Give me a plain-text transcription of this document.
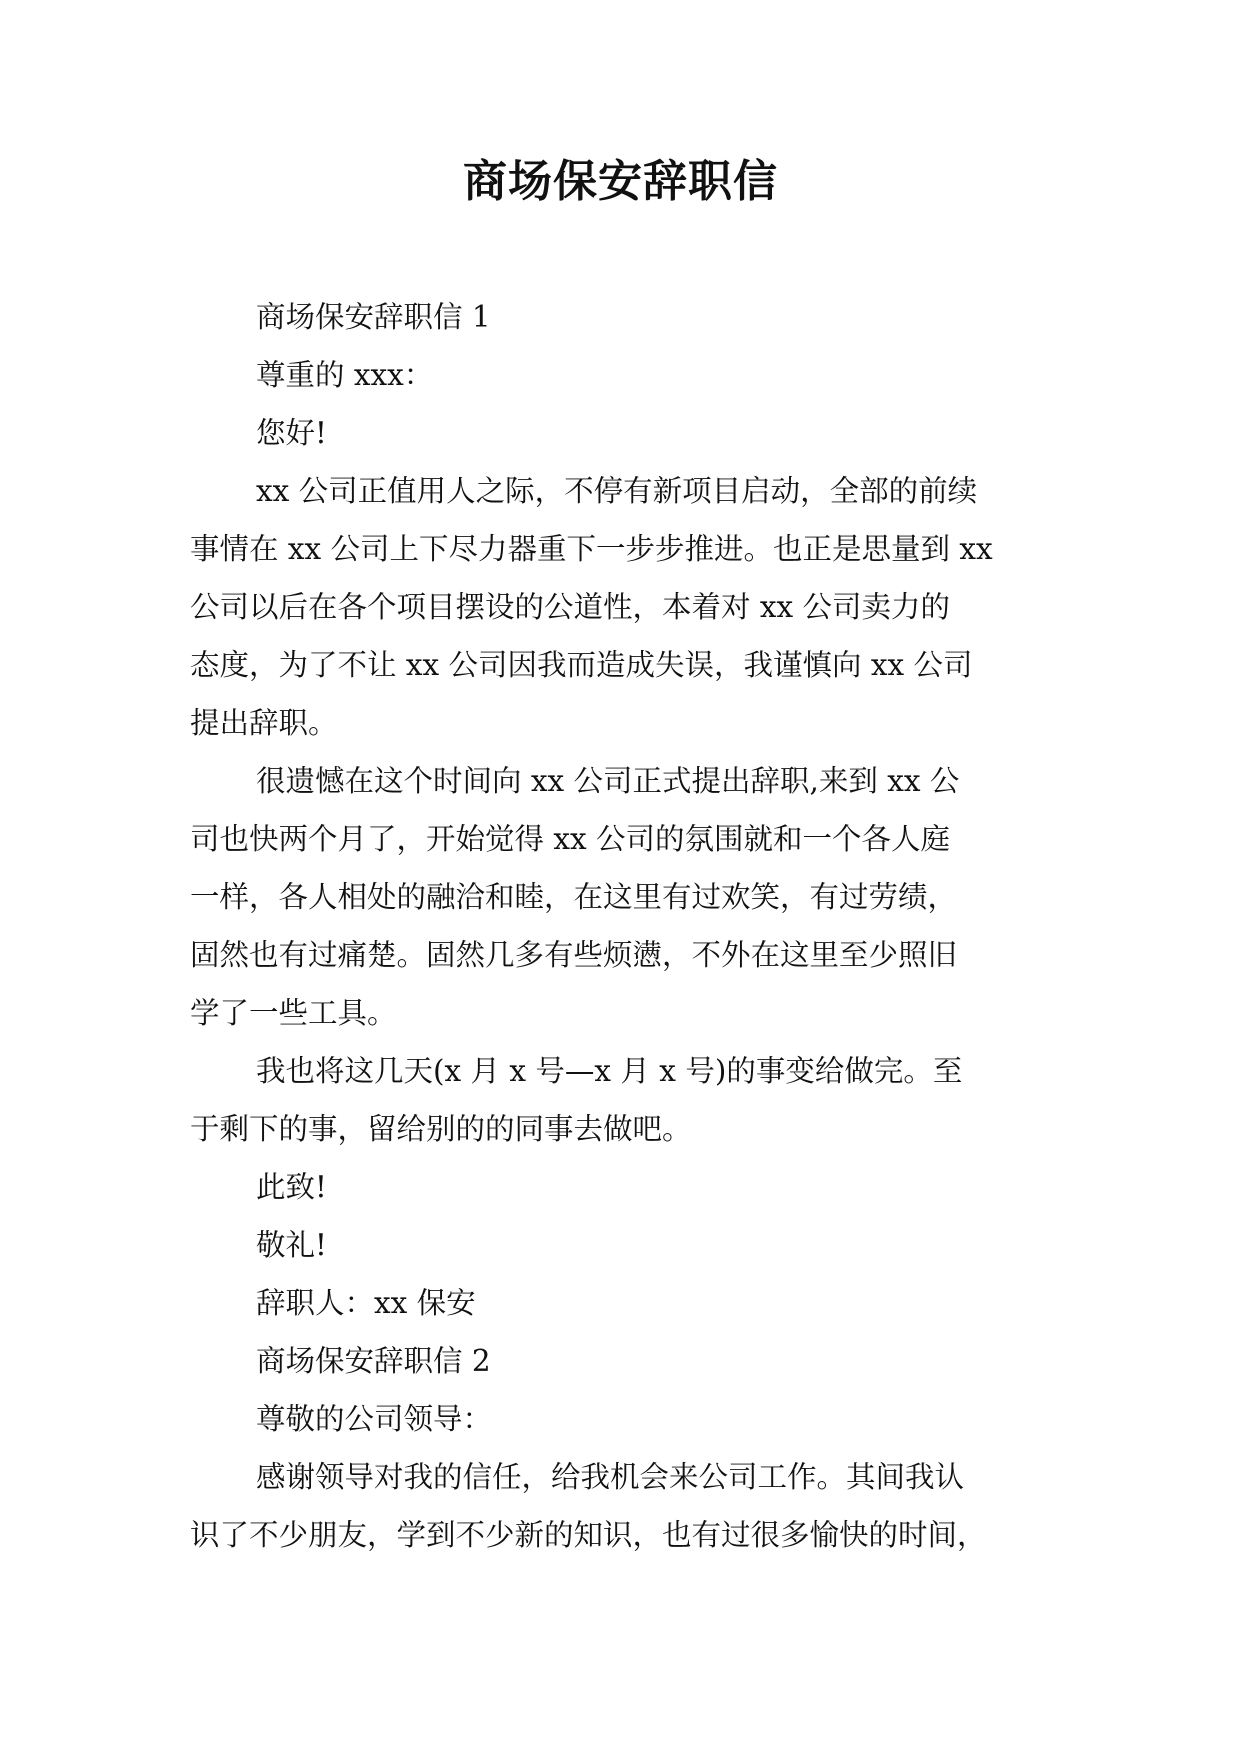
商场保安辞职信

商场保安辞职信 1

尊重的 xxx：

您好!

xx 公司正值用人之际，不停有新项目启动，全部的前续

事情在 xx 公司上下尽力器重下一步步推进。也正是思量到 xx

公司以后在各个项目摆设的公道性，本着对 xx 公司卖力的

态度，为了不让 xx 公司因我而造成失误，我谨慎向 xx 公司

提出辞职。

很遗憾在这个时间向 xx 公司正式提出辞职,来到 xx 公

司也快两个月了，开始觉得 xx 公司的氛围就和一个各人庭

一样，各人相处的融洽和睦，在这里有过欢笑，有过劳绩，

固然也有过痛楚。固然几多有些烦懑，不外在这里至少照旧

学了一些工具。

我也将这几天(x 月 x 号—x 月 x 号)的事变给做完。至

于剩下的事，留给别的的同事去做吧。

此致!

敬礼!

辞职人：xx 保安

商场保安辞职信 2

尊敬的公司领导：

感谢领导对我的信任，给我机会来公司工作。其间我认

识了不少朋友，学到不少新的知识，也有过很多愉快的时间，
